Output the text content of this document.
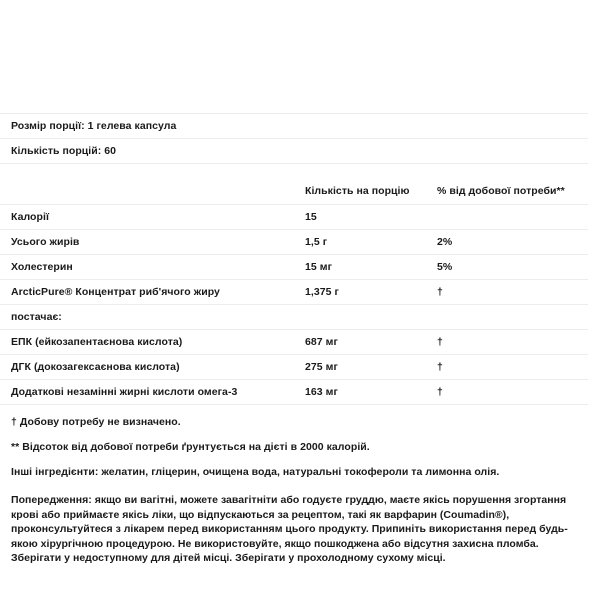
Розмір порції: 1 гелева капсула		

Кількість порцій: 60		

	Кількість на порцію	% від добової потреби**

Калорії	15	

Усього жирів	1,5 г	2%

Холестерин	15 мг	5%

ArcticPure® Концентрат риб'ячого жиру	1,375 г	†

постачає:		

ЕПК (ейкозапентаєнова кислота)	687 мг	†

ДГК (докозагексаєнова кислота)	275 мг	†

Додаткові незамінні жирні кислоти омега-3	163 мг	†

† Добову потребу не визначено.

** Відсоток від добової потреби ґрунтується на дієті в 2000 калорій.

Інші інгредієнти: желатин, гліцерин, очищена вода, натуральні токофероли та лимонна олія.

Попередження: якщо ви вагітні, можете завагітніти або годуєте груддю, маєте якісь порушення згортання крові або приймаєте якісь ліки, що відпускаються за рецептом, такі як варфарин (Coumadin®), проконсультуйтеся з лікарем перед використанням цього продукту. Припиніть використання перед будь-якою хірургічною процедурою. Не використовуйте, якщо пошкоджена або відсутня захисна пломба. Зберігати у недоступному для дітей місці. Зберігати у прохолодному сухому місці.
